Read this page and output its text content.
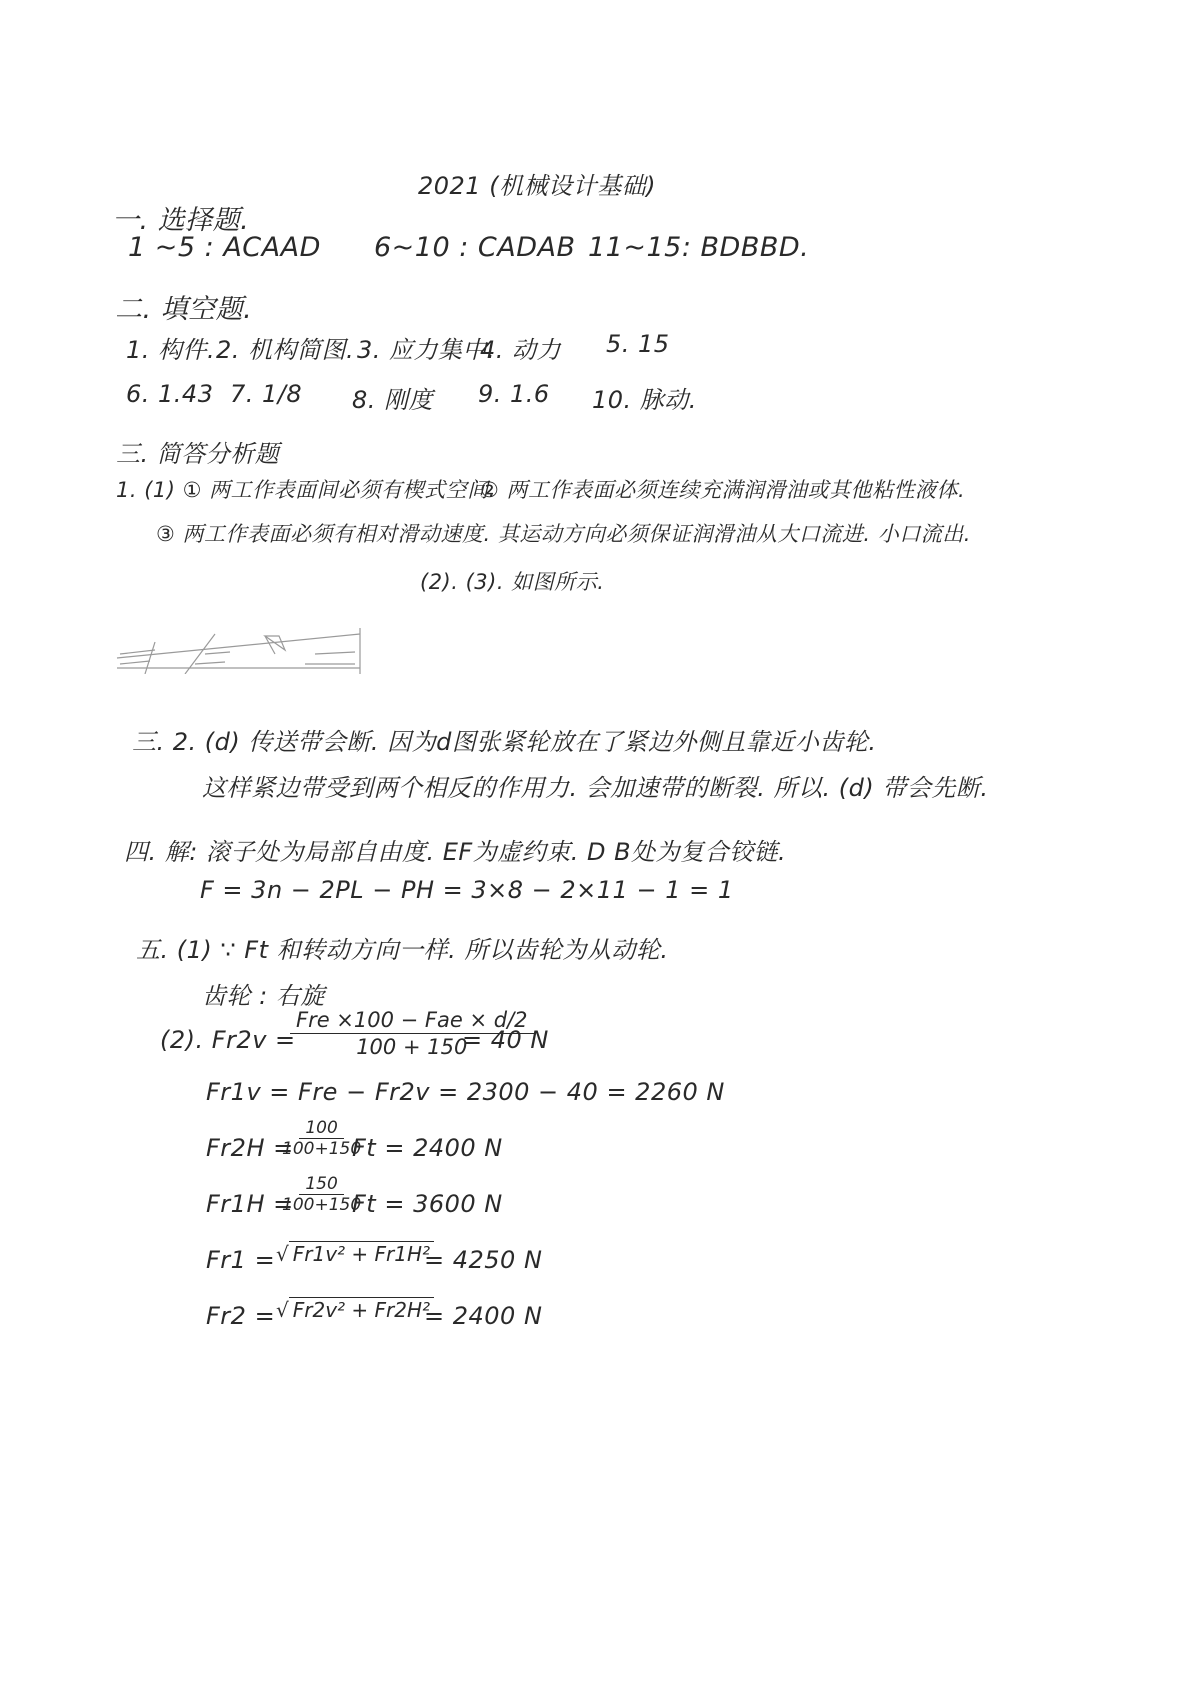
2021 (机械设计基础)
一. 选择题.
1 ~5 : ACAAD 6~10 : CADAB 11~15: BDBBD.
二. 填空题.
1. 构件. 2. 机构简图. 3. 应力集中.
4. 动力 5. 15
6. 1.43 7. 1/8 8. 刚度 9. 1.6 10. 脉动.
三. 简答分析题
1. (1) ① 两工作表面间必须有楔式空间.
② 两工作表面必须连续充满润滑油或其他粘性液体.
③ 两工作表面必须有相对滑动速度. 其运动方向必须保证润滑油从大口流进. 小口流出.
(2). (3). 如图所示.
三. 2. (d) 传送带会断. 因为d图张紧轮放在了紧边外侧且靠近小齿轮.
这样紧边带受到两个相反的作用力. 会加速带的断裂. 所以. (d) 带会先断.
四. 解: 滚子处为局部自由度. EF为虚约束. D B处为复合铰链.
F = 3n − 2PL − PH = 3×8 − 2×11 − 1 = 1
五. (1) ∵ Ft 和转动方向一样. 所以齿轮为从动轮.
齿轮 : 右旋
(2). Fr2v =
Fre ×100 − Fae × d/2
100 + 150
= 40 N
Fr1v = Fre − Fr2v = 2300 − 40 = 2260 N
Fr2H =
$\frac{100}{100+150}$
Ft = 2400 N
Fr1H =
$\frac{150}{100+150}$
Ft = 3600 N
Fr1 = √ Fr1v² + Fr1H²
= 4250 N
Fr2 = √ Fr2v² + Fr2H²
= 2400 N
